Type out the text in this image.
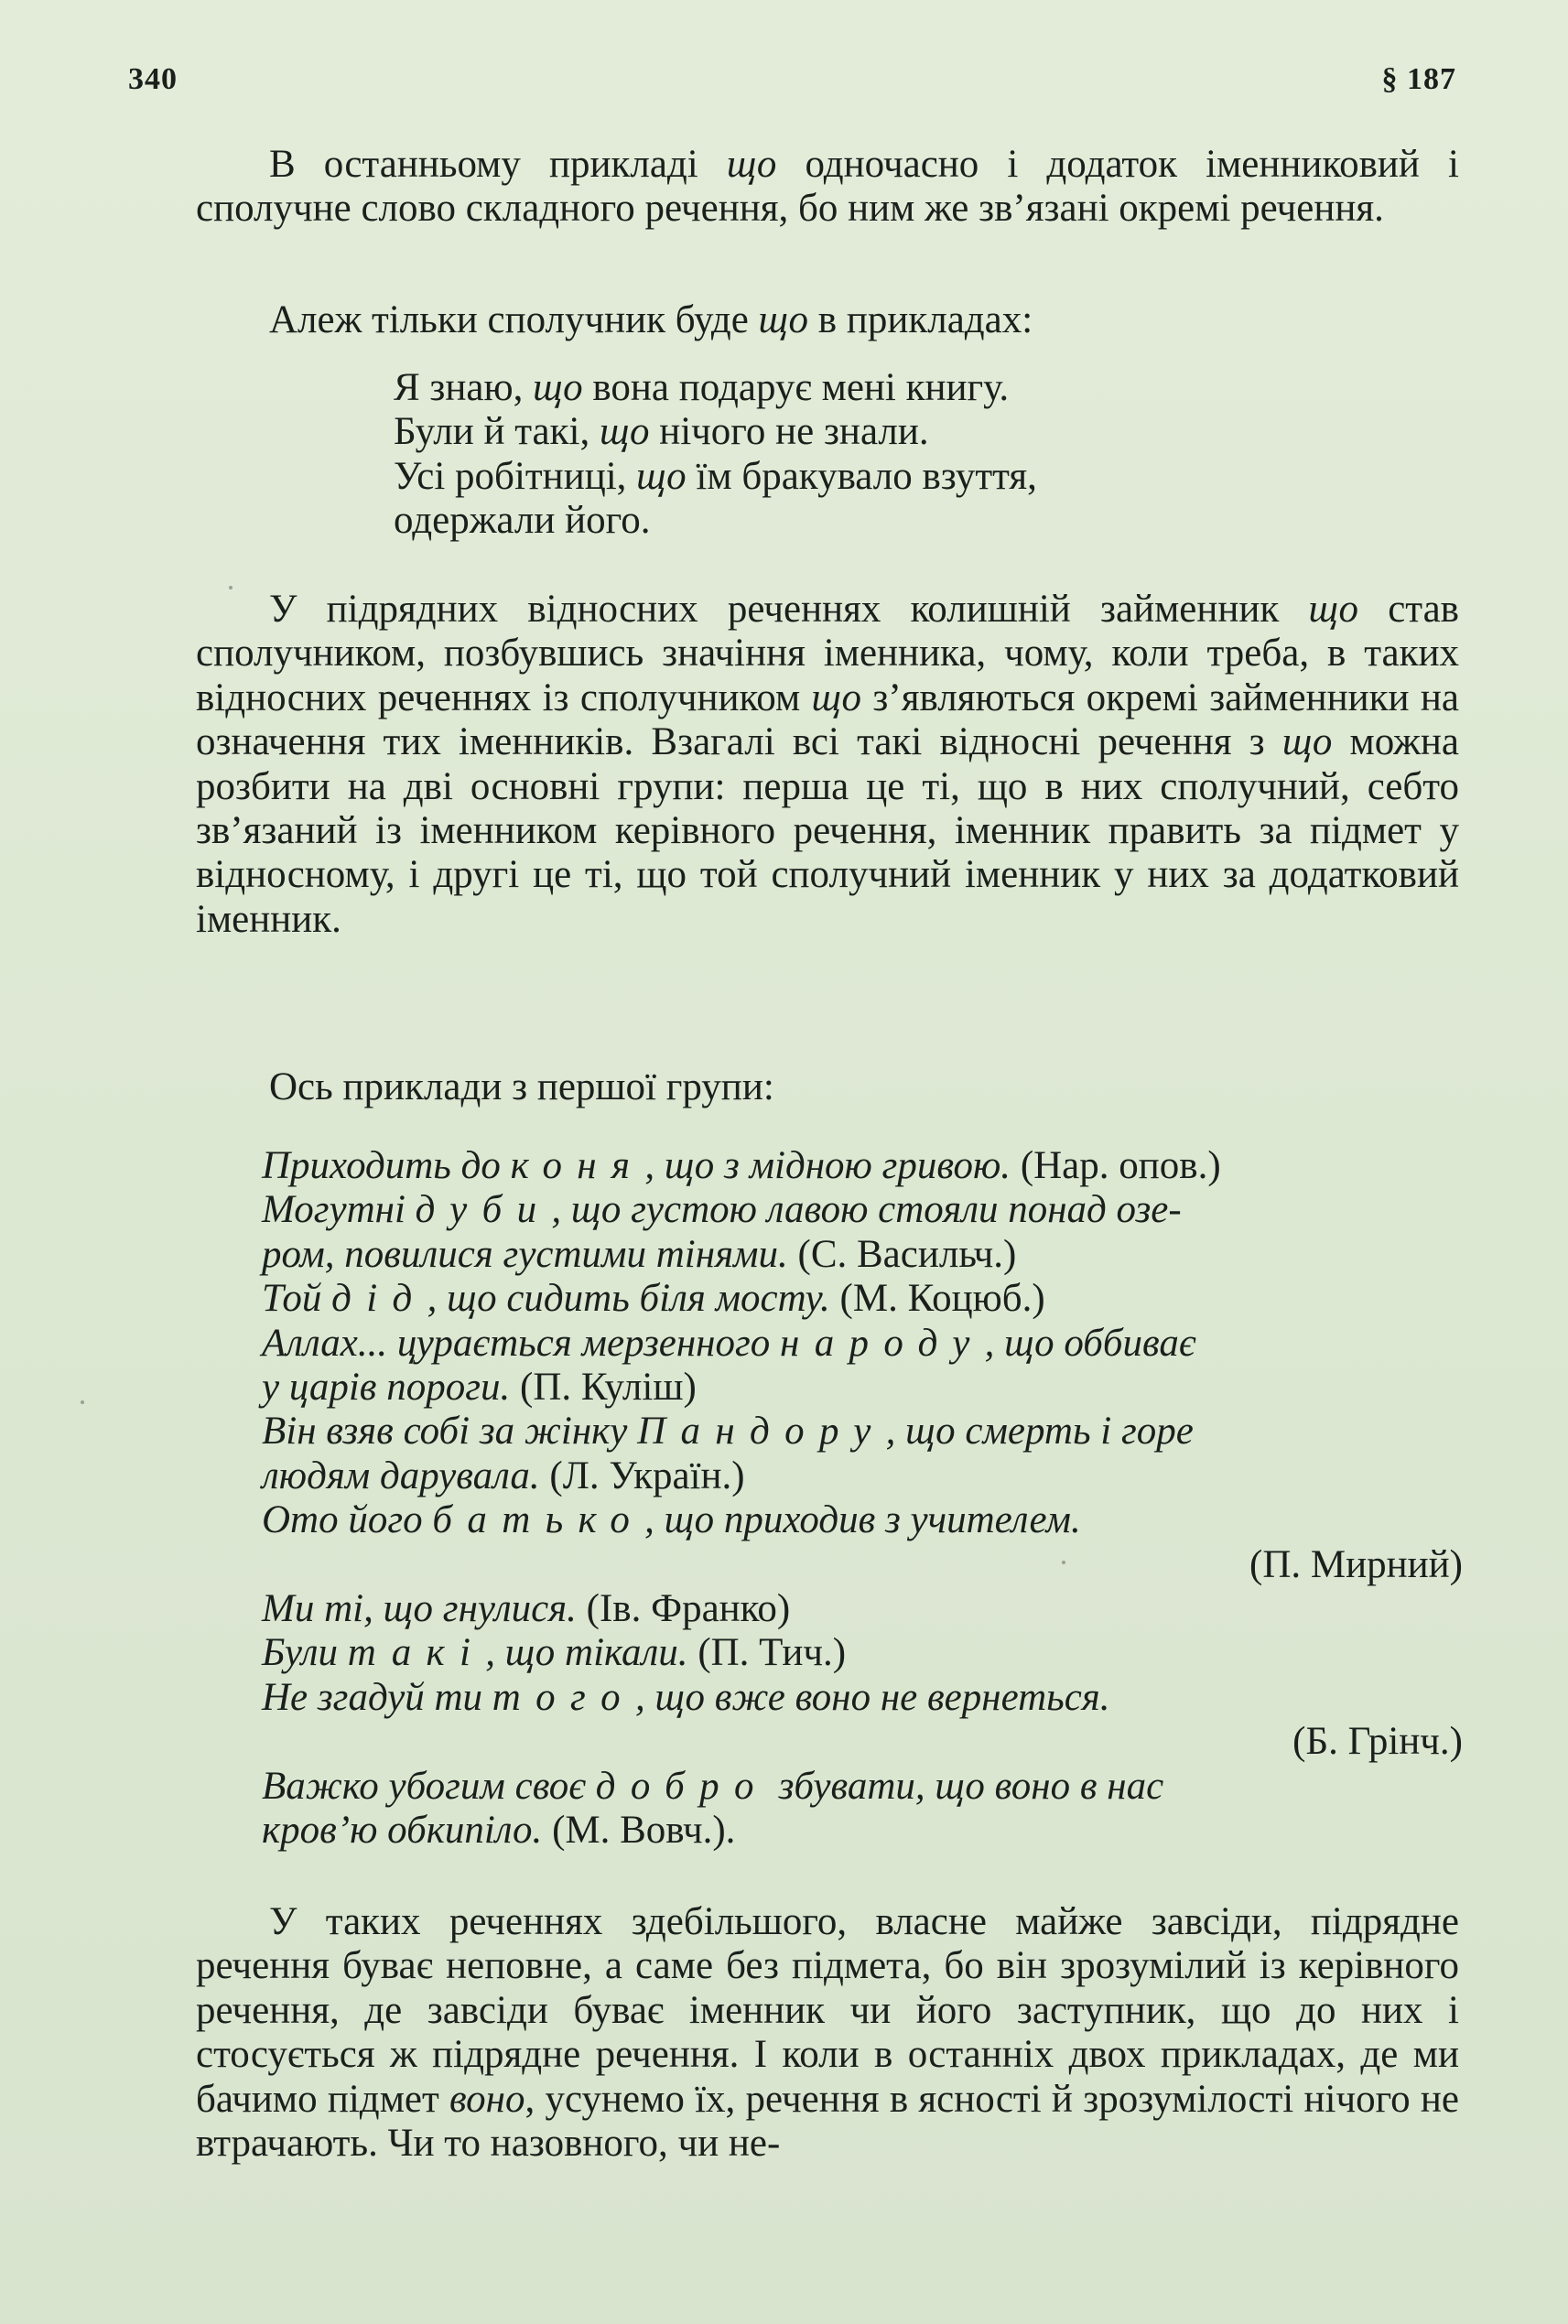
340	§ 187

В останньому прикладі що одночасно і додаток іменниковий і сполучне слово складного речення, бо ним же зв’язані окремі речення.

Алеж тільки сполучник буде що в прикладах:

Я знаю, що вона подарує мені книгу.
Були й такі, що нічого не знали.
Усі робітниці, що їм бракувало взуття,
одержали його.

У підрядних відносних реченнях колишній займенник що став сполучником, позбувшись значіння іменника, чому, коли треба, в таких відносних реченнях із сполучником що з’являються окремі займенники на означення тих іменників. Взагалі всі такі відносні речення з що можна розбити на дві основні групи: перша це ті, що в них сполучний, себто зв’язаний із іменником керівного речення, іменник править за підмет у відносному, і другі це ті, що той сполучний іменник у них за додатковий іменник.

Ось приклади з першої групи:

Приходить до коня, що з мідною гривою. (Нар. опов.)
Могутні дуби, що густою лавою стояли понад озе-
ром, повилися густими тінями. (С. Васильч.)
Той дід, що сидить біля мосту. (М. Коцюб.)
Аллах... цурається мерзенного народу, що оббиває
у царів пороги. (П. Куліш)
Він взяв собі за жінку Пандору, що смерть і горе
людям дарувала. (Л. Україн.)
Ото його батько, що приходив з учителем.
(П. Мирний)
Ми ті, що гнулися. (Ів. Франко)
Були такі, що тікали. (П. Тич.)
Не згадуй ти того, що вже воно не вернеться.
(Б. Грінч.)
Важко убогим своє добро збувати, що воно в нас
кров’ю обкипіло. (М. Вовч.).

У таких реченнях здебільшого, власне майже завсіди, підрядне речення буває неповне, а саме без підмета, бо він зрозумілий із керівного речення, де завсіди буває іменник чи його заступник, що до них і стосується ж підрядне речення. І коли в останніх двох прикладах, де ми бачимо підмет воно, усунемо їх, речення в ясності й зрозумілості нічого не втрачають. Чи то назовного, чи не-
